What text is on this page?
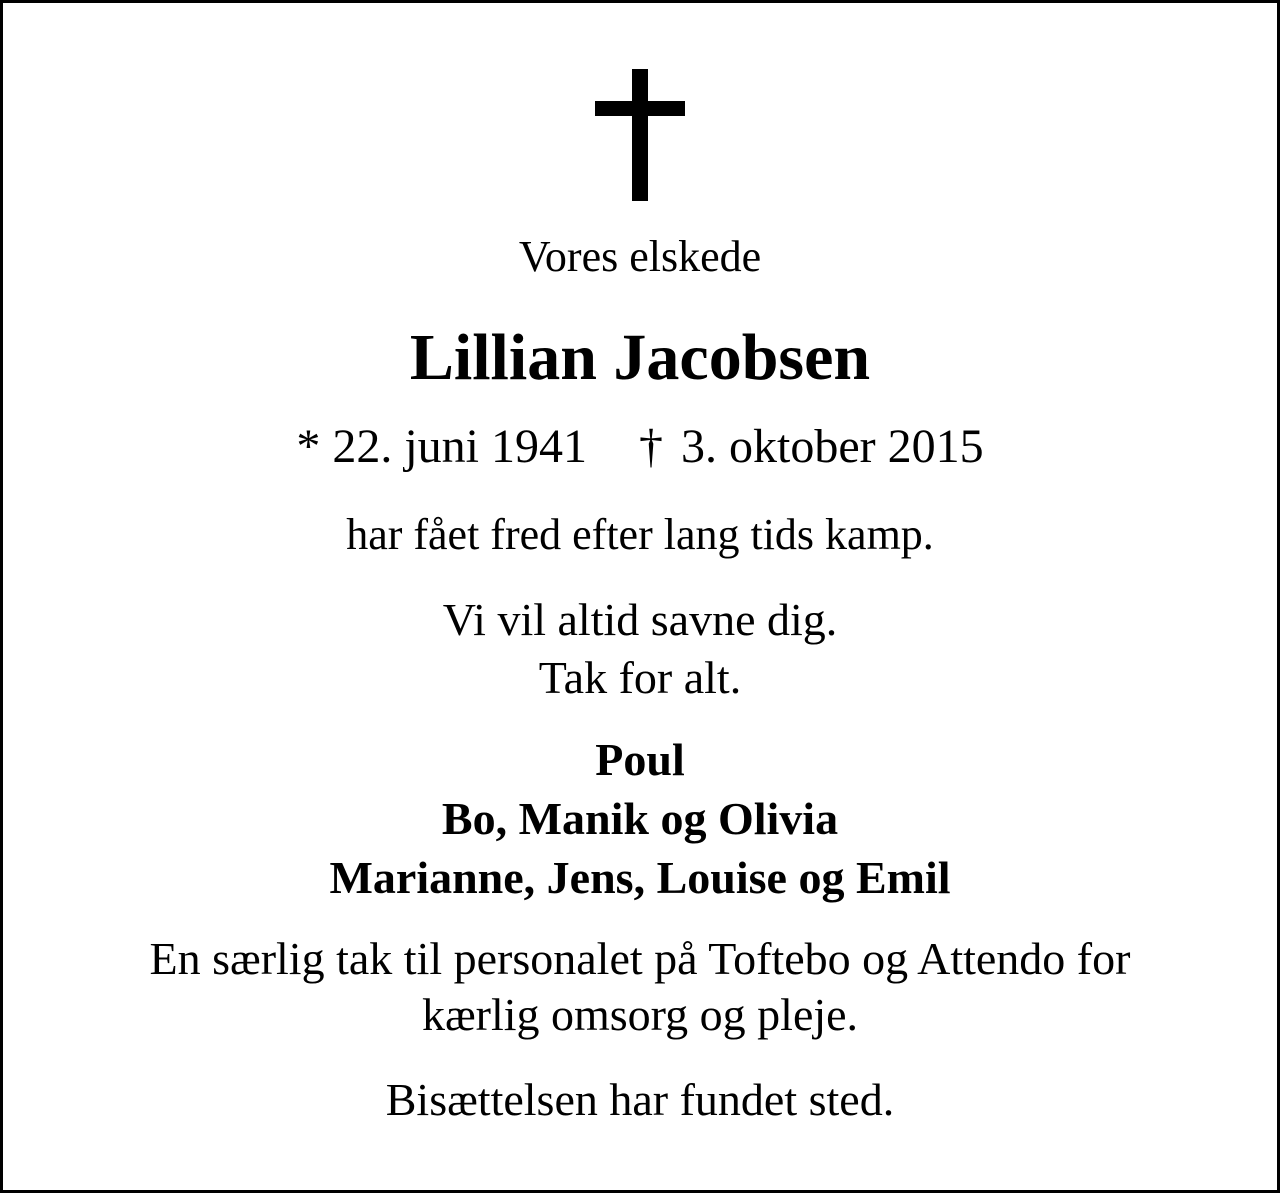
Vores elskede
Lillian Jacobsen
* 22. juni 1941 † 3. oktober 2015
har fået fred efter lang tids kamp.
Vi vil altid savne dig.
Tak for alt.
Poul
Bo, Manik og Olivia
Marianne, Jens, Louise og Emil
En særlig tak til personalet på Toftebo og Attendo for
kærlig omsorg og pleje.
Bisættelsen har fundet sted.
